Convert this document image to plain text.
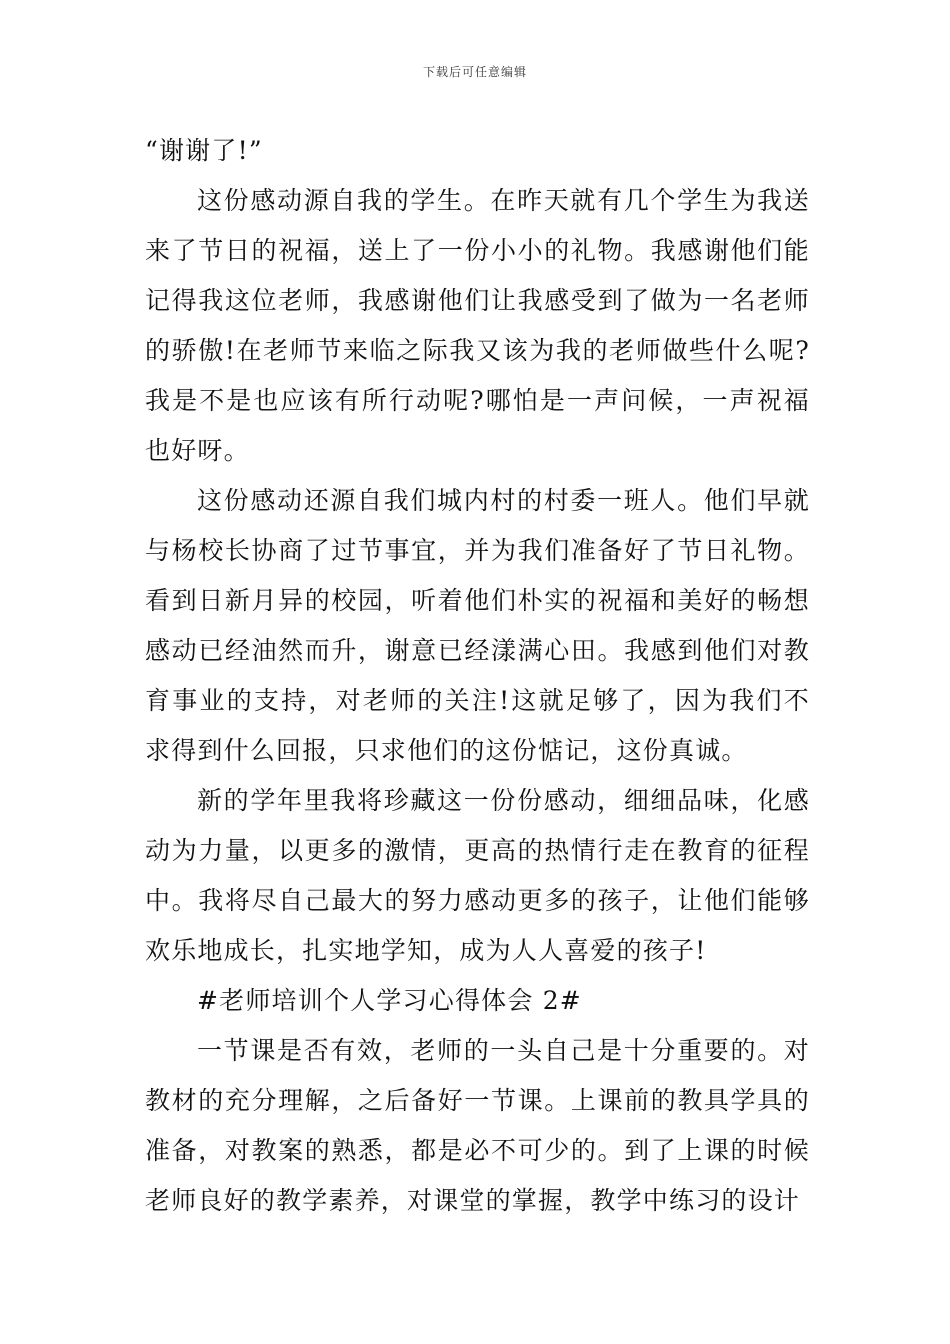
下载后可任意编辑

“谢谢了!”

这份感动源自我的学生。在昨天就有几个学生为我送来了节日的祝福，送上了一份小小的礼物。我感谢他们能记得我这位老师，我感谢他们让我感受到了做为一名老师的骄傲!在老师节来临之际我又该为我的老师做些什么呢?我是不是也应该有所行动呢?哪怕是一声问候，一声祝福也好呀。

这份感动还源自我们城内村的村委一班人。他们早就与杨校长协商了过节事宜，并为我们准备好了节日礼物。看到日新月异的校园，听着他们朴实的祝福和美好的畅想感动已经油然而升，谢意已经漾满心田。我感到他们对教育事业的支持，对老师的关注!这就足够了，因为我们不求得到什么回报，只求他们的这份惦记，这份真诚。

新的学年里我将珍藏这一份份感动，细细品味，化感动为力量，以更多的激情，更高的热情行走在教育的征程中。我将尽自己最大的努力感动更多的孩子，让他们能够欢乐地成长，扎实地学知，成为人人喜爱的孩子!

#老师培训个人学习心得体会 2#

一节课是否有效，老师的一头自己是十分重要的。对教材的充分理解，之后备好一节课。上课前的教具学具的准备，对教案的熟悉，都是必不可少的。到了上课的时候老师良好的教学素养，对课堂的掌握，教学中练习的设计
